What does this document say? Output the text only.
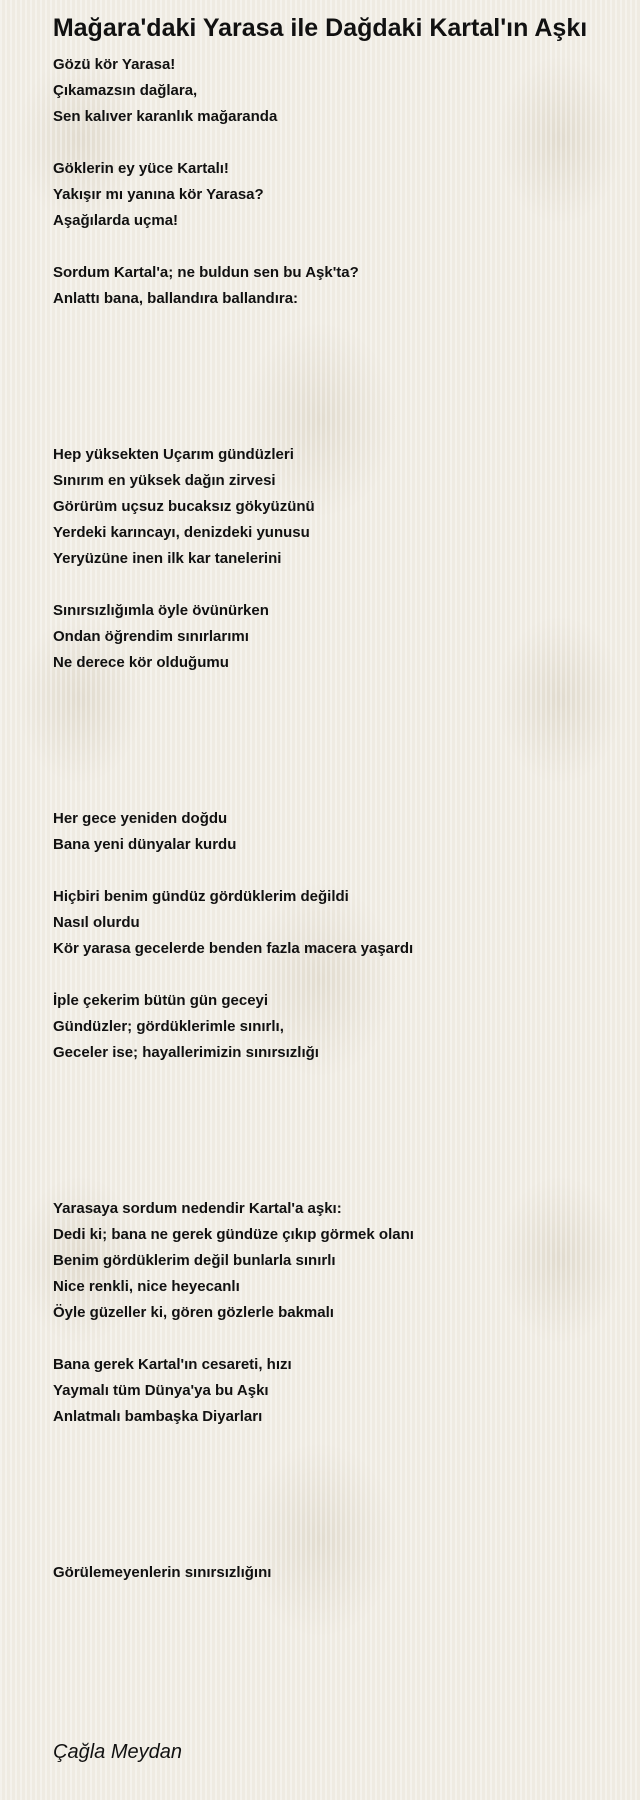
Mağara'daki Yarasa ile Dağdaki Kartal'ın Aşkı
Gözü kör Yarasa!
Çıkamazsın dağlara,
Sen kalıver karanlık mağaranda
Göklerin ey yüce Kartalı!
Yakışır mı yanına kör Yarasa?
Aşağılarda uçma!
Sordum Kartal'a; ne buldun sen bu Aşk'ta?
Anlattı bana, ballandıra ballandıra:
Hep yüksekten Uçarım gündüzleri
Sınırım en yüksek dağın zirvesi
Görürüm uçsuz bucaksız gökyüzünü
Yerdeki karıncayı, denizdeki yunusu
Yeryüzüne inen ilk kar tanelerini
Sınırsızlığımla öyle övünürken
Ondan öğrendim sınırlarımı
Ne derece kör olduğumu
Her gece yeniden doğdu
Bana yeni dünyalar kurdu
Hiçbiri benim gündüz gördüklerim değildi
Nasıl olurdu
Kör yarasa gecelerde benden fazla macera yaşardı
İple çekerim bütün gün geceyi
Gündüzler; gördüklerimle sınırlı,
Geceler ise; hayallerimizin sınırsızlığı
Yarasaya sordum nedendir Kartal'a aşkı:
Dedi ki; bana ne gerek gündüze çıkıp görmek olanı
Benim gördüklerim değil bunlarla sınırlı
Nice renkli, nice heyecanlı
Öyle güzeller ki, gören gözlerle bakmalı
Bana gerek Kartal'ın cesareti, hızı
Yaymalı tüm Dünya'ya bu Aşkı
Anlatmalı bambaşka Diyarları
Görülemeyenlerin sınırsızlığını
Çağla Meydan
